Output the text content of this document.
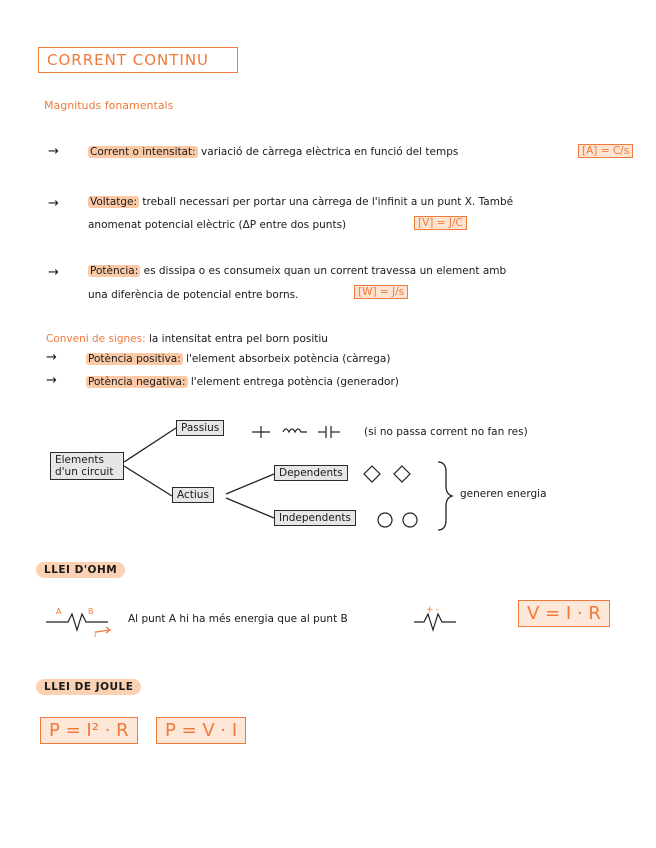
CORRENT CONTINU
Magnituds fonamentals
→	Corrent o intensitat: variació de càrrega elèctrica en funció del temps	[A] = C/s
→	Voltatge: treball necessari per portar una càrrega de l'infinit a un punt X. També
anomenat potencial elèctric (ΔP entre dos punts)	[V] = J/C
→	Potència: es dissipa o es consumeix quan un corrent travessa un element amb
una diferència de potencial entre borns.	[W] = J/s
Conveni de signes: la intensitat entra pel born positiu
→	Potència positiva: l'element absorbeix potència (càrrega)
→	Potència negativa: l'element entrega potència (generador)
Elements d'un circuit
Passius	(si no passa corrent no fan res)
Actius
Dependents
Independents
generen energia
LLEI D'OHM
A	B
I
Al punt A hi ha més energia que al punt B
+ -	V = I · R
LLEI DE JOULE
P = I² · R	P = V · I
